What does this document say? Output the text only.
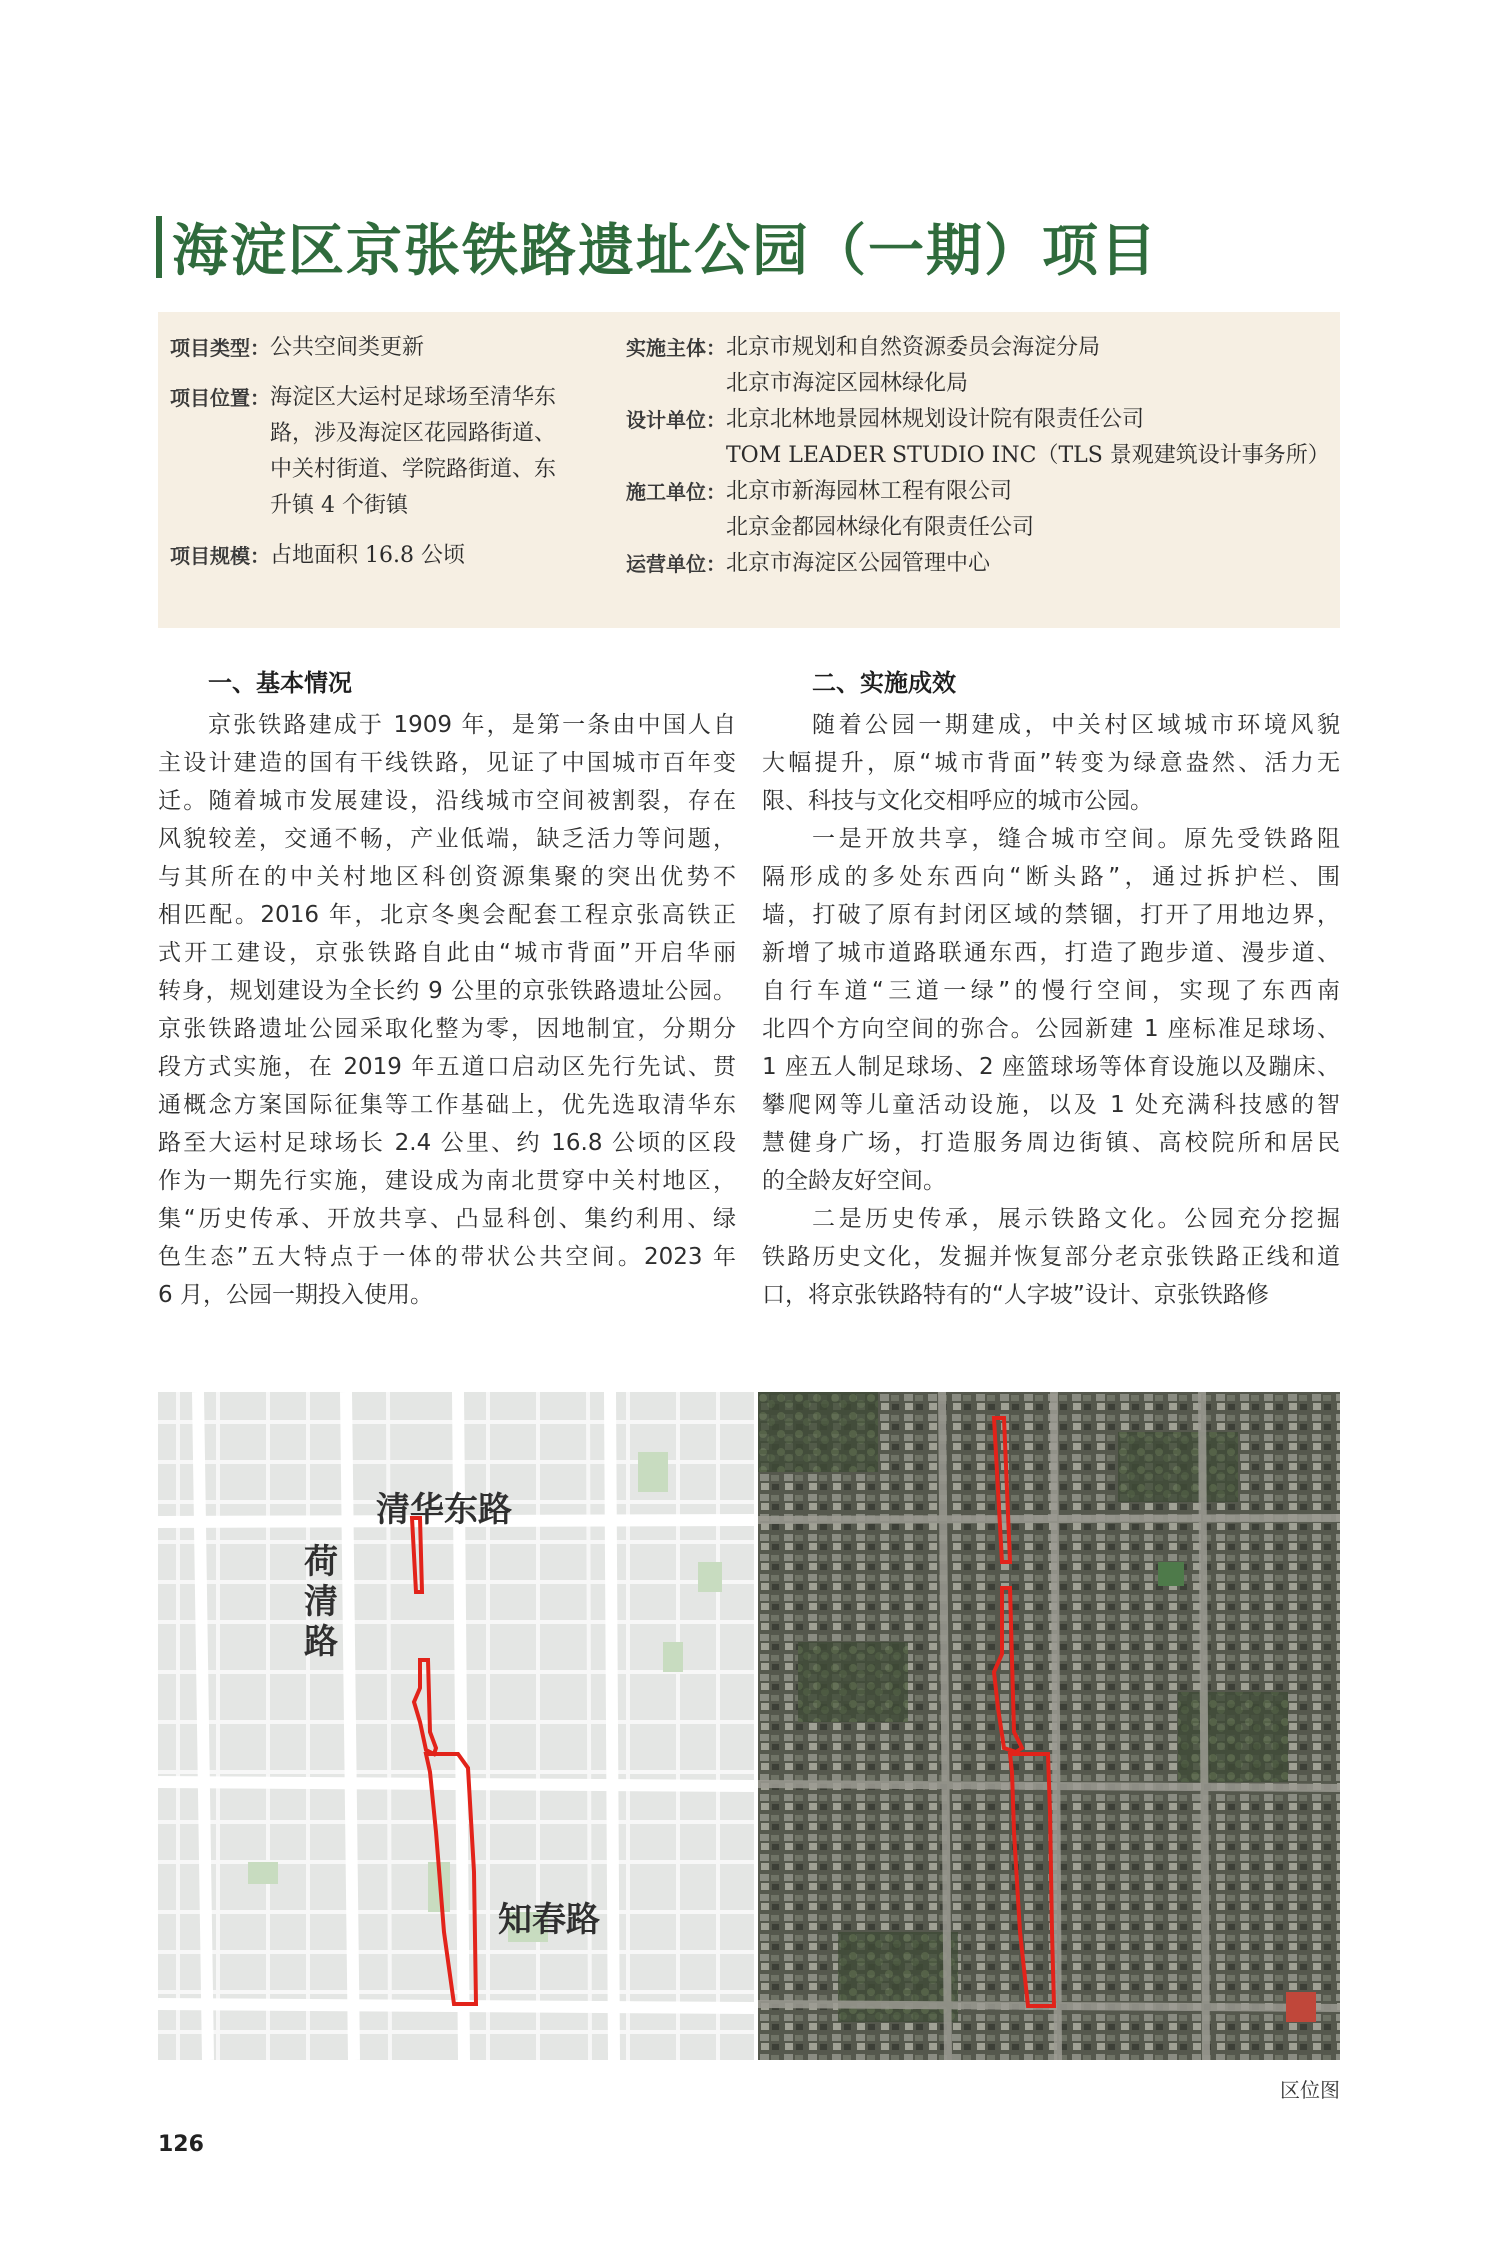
海淀区京张铁路遗址公园（一期）项目
项目类型： 公共空间类更新
项目位置： 海淀区大运村足球场至清华东
路，涉及海淀区花园路街道、
中关村街道、学院路街道、东
升镇 4 个街镇
项目规模： 占地面积 16.8 公顷
实施主体： 北京市规划和自然资源委员会海淀分局
北京市海淀区园林绿化局
设计单位： 北京北林地景园林规划设计院有限责任公司
TOM LEADER STUDIO INC（TLS 景观建筑设计事务所）
施工单位： 北京市新海园林工程有限公司
北京金都园林绿化有限责任公司
运营单位： 北京市海淀区公园管理中心
一、基本情况
京张铁路建成于 1909 年，是第一条由中国人自
主设计建造的国有干线铁路，见证了中国城市百年变
迁。随着城市发展建设，沿线城市空间被割裂，存在
风貌较差，交通不畅，产业低端，缺乏活力等问题，
与其所在的中关村地区科创资源集聚的突出优势不
相匹配。2016 年，北京冬奥会配套工程京张高铁正
式开工建设，京张铁路自此由“城市背面”开启华丽
转身，规划建设为全长约 9 公里的京张铁路遗址公园。
京张铁路遗址公园采取化整为零，因地制宜，分期分
段方式实施，在 2019 年五道口启动区先行先试、贯
通概念方案国际征集等工作基础上，优先选取清华东
路至大运村足球场长 2.4 公里、约 16.8 公顷的区段
作为一期先行实施，建设成为南北贯穿中关村地区，
集“历史传承、开放共享、凸显科创、集约利用、绿
色生态”五大特点于一体的带状公共空间。2023 年
6 月，公园一期投入使用。
二、实施成效
随着公园一期建成，中关村区域城市环境风貌
大幅提升，原“城市背面”转变为绿意盎然、活力无
限、科技与文化交相呼应的城市公园。
一是开放共享，缝合城市空间。原先受铁路阻
隔形成的多处东西向“断头路”，通过拆护栏、围
墙，打破了原有封闭区域的禁锢，打开了用地边界，
新增了城市道路联通东西，打造了跑步道、漫步道、
自行车道“三道一绿”的慢行空间，实现了东西南
北四个方向空间的弥合。公园新建 1 座标准足球场、
1 座五人制足球场、2 座篮球场等体育设施以及蹦床、
攀爬网等儿童活动设施，以及 1 处充满科技感的智
慧健身广场，打造服务周边街镇、高校院所和居民
的全龄友好空间。
二是历史传承，展示铁路文化。公园充分挖掘
铁路历史文化，发掘并恢复部分老京张铁路正线和道
口，将京张铁路特有的“人字坡”设计、京张铁路修
清华东路
荷清路
知春路
区位图
126
